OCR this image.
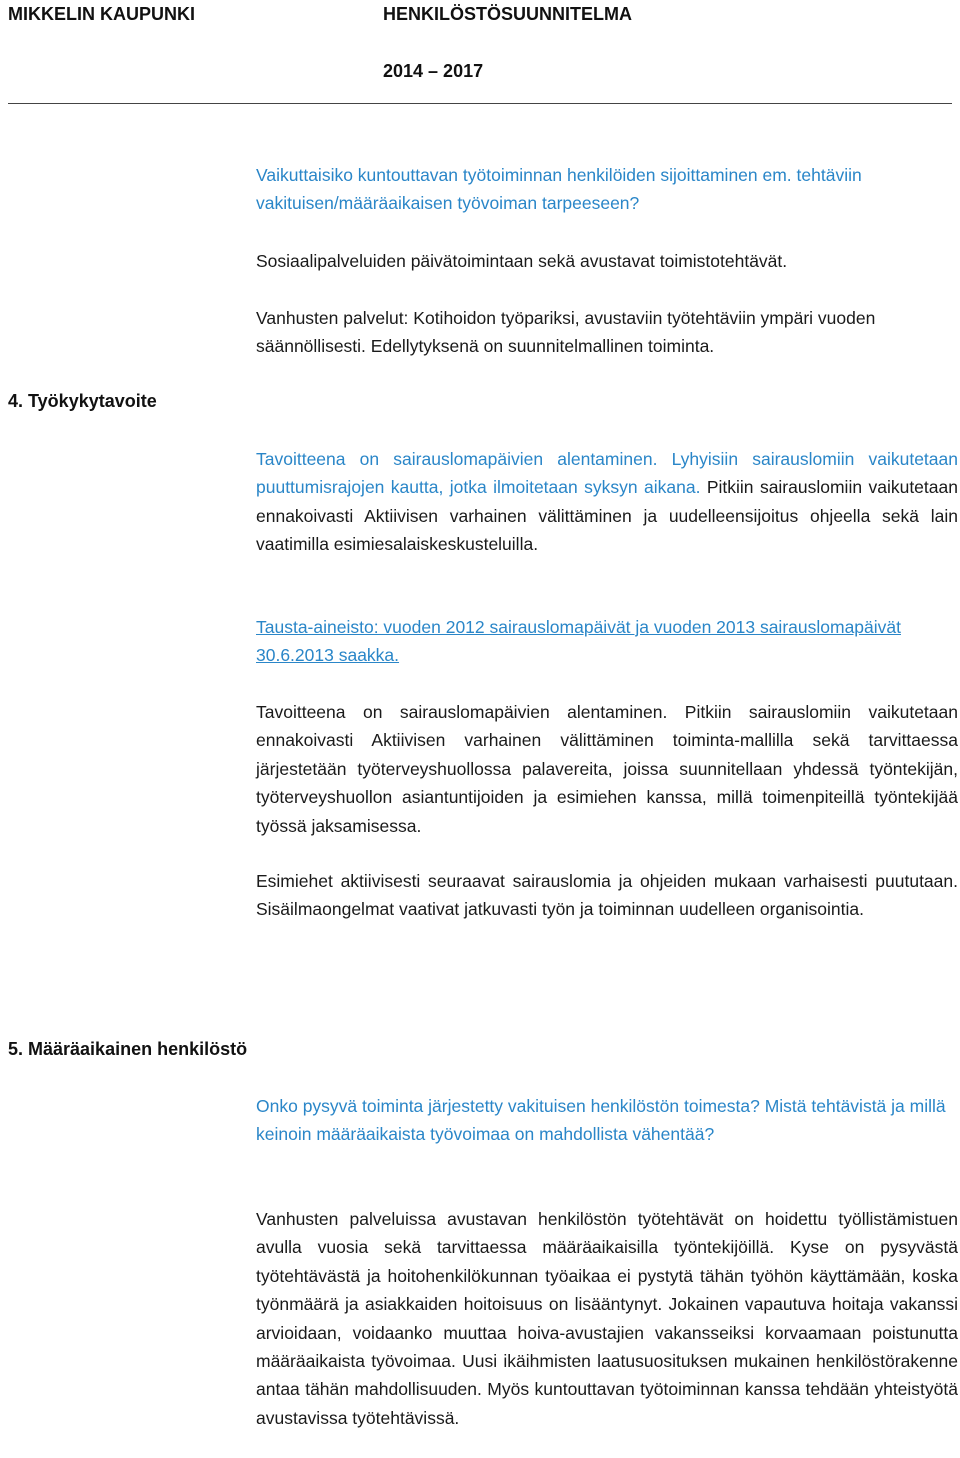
MIKKELIN KAUPUNKI	HENKILÖSTÖSUUNNITELMA
2014 – 2017

Vaikuttaisiko kuntouttavan työtoiminnan henkilöiden sijoittaminen em. tehtäviin vakituisen/määräaikaisen työvoiman tarpeeseen?

Sosiaalipalveluiden päivätoimintaan sekä avustavat toimistotehtävät.

Vanhusten palvelut: Kotihoidon työpariksi, avustaviin työtehtäviin ympäri vuoden säännöllisesti. Edellytyksenä on suunnitelmallinen toiminta.

4. Työkykytavoite

Tavoitteena on sairauslomapäivien alentaminen. Lyhyisiin sairauslomiin vaikutetaan puuttumisrajojen kautta, jotka ilmoitetaan syksyn aikana. Pitkiin sairauslomiin vaikutetaan ennakoivasti Aktiivisen varhainen välittäminen ja uudelleensijoitus ohjeella sekä lain vaatimilla esimiesalaiskeskusteluilla.

Tausta-aineisto: vuoden 2012 sairauslomapäivät ja vuoden 2013 sairauslomapäivät 30.6.2013 saakka.

Tavoitteena on sairauslomapäivien alentaminen. Pitkiin sairauslomiin vaikutetaan ennakoivasti Aktiivisen varhainen välittäminen toiminta-mallilla sekä tarvittaessa järjestetään työterveyshuollossa palavereita, joissa suunnitellaan yhdessä työntekijän, työterveyshuollon asiantuntijoiden ja esimiehen kanssa, millä toimenpiteillä työntekijää työssä jaksamisessa.

Esimiehet aktiivisesti seuraavat sairauslomia ja ohjeiden mukaan varhaisesti puututaan. Sisäilmaongelmat vaativat jatkuvasti työn ja toiminnan uudelleen organisointia.

5. Määräaikainen henkilöstö

Onko pysyvä toiminta järjestetty vakituisen henkilöstön toimesta? Mistä tehtävistä ja millä keinoin määräaikaista työvoimaa on mahdollista vähentää?

Vanhusten palveluissa avustavan henkilöstön työtehtävät on hoidettu työllistämistuen avulla vuosia sekä tarvittaessa määräaikaisilla työntekijöillä. Kyse on pysyvästä työtehtävästä ja hoitohenkilökunnan työaikaa ei pystytä tähän työhön käyttämään, koska työnmäärä ja asiakkaiden hoitoisuus on lisääntynyt. Jokainen vapautuva hoitaja vakanssi arvioidaan, voidaanko muuttaa hoiva-avustajien vakansseiksi korvaamaan poistunutta määräaikaista työvoimaa. Uusi ikäihmisten laatusuosituksen mukainen henkilöstörakenne antaa tähän mahdollisuuden. Myös kuntouttavan työtoiminnan kanssa tehdään yhteistyötä avustavissa työtehtävissä.
